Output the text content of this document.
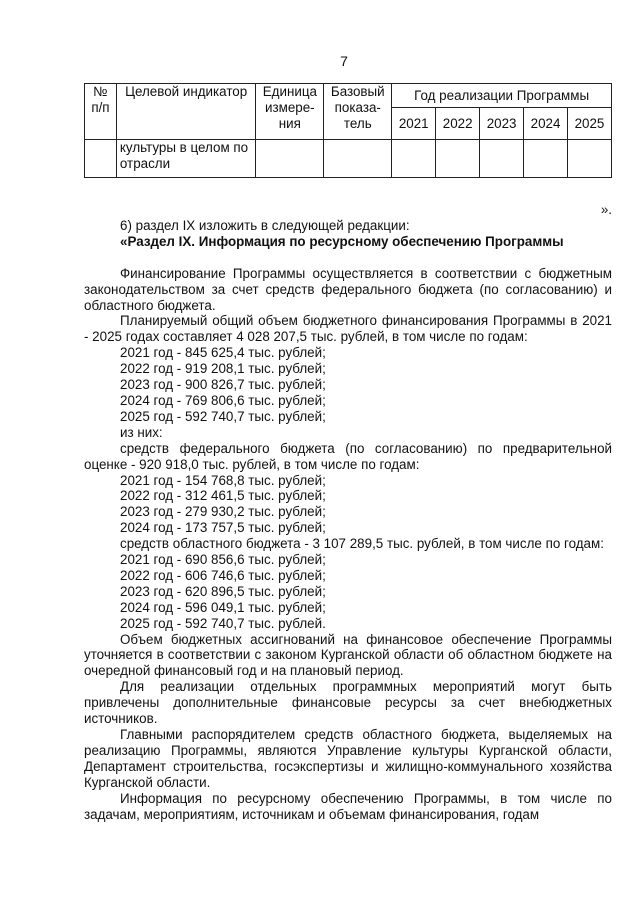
7
№ п/п	Целевой индикатор	Единица измере-ния	Базовый показа-тель	Год реализации Программы				
				2021	2022	2023	2024	2025
	культуры в целом по отрасли							

».

6) раздел IX изложить в следующей редакции:

«Раздел IX. Информация по ресурсному обеспечению Программы

Финансирование Программы осуществляется в соответствии с бюджетным законодательством за счет средств федерального бюджета (по согласованию) и областного бюджета.

Планируемый общий объем бюджетного финансирования Программы в 2021 - 2025 годах составляет 4 028 207,5 тыс. рублей, в том числе по годам:

2021 год - 845 625,4 тыс. рублей;

2022 год - 919 208,1 тыс. рублей;

2023 год - 900 826,7 тыс. рублей;

2024 год - 769 806,6 тыс. рублей;

2025 год - 592 740,7 тыс. рублей;

из них:

средств федерального бюджета (по согласованию) по предварительной оценке - 920 918,0 тыс. рублей, в том числе по годам:

2021 год - 154 768,8 тыс. рублей;

2022 год - 312 461,5 тыс. рублей;

2023 год - 279 930,2 тыс. рублей;

2024 год - 173 757,5 тыс. рублей;

средств областного бюджета - 3 107 289,5 тыс. рублей, в том числе по годам:

2021 год - 690 856,6 тыс. рублей;

2022 год - 606 746,6 тыс. рублей;

2023 год - 620 896,5 тыс. рублей;

2024 год - 596 049,1 тыс. рублей;

2025 год - 592 740,7 тыс. рублей.

Объем бюджетных ассигнований на финансовое обеспечение Программы уточняется в соответствии с законом Курганской области об областном бюджете на очередной финансовый год и на плановый период.

Для реализации отдельных программных мероприятий могут быть привлечены дополнительные финансовые ресурсы за счет внебюджетных источников.

Главными распорядителем средств областного бюджета, выделяемых на реализацию Программы, являются Управление культуры Курганской области, Департамент строительства, госэкспертизы и жилищно-коммунального хозяйства Курганской области.

Информация по ресурсному обеспечению Программы, в том числе по задачам, мероприятиям, источникам и объемам финансирования, годам
